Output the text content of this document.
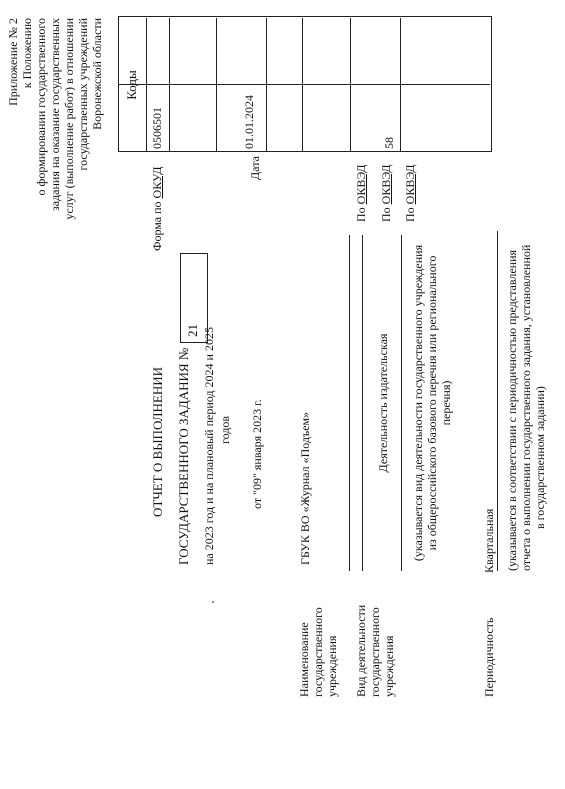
Приложение № 2 к Положению о формировании государственного задания на оказание государственных услуг (выполнение работ) в отношении государственных учреждений Воронежской области Коды
0506501
Форма по ОКУД
01.01.2024
Дата
По ОКВЭД
По ОКВЭД
58
По ОКВЭД
ОТЧЕТ О ВЫПОЛНЕНИИ ГОСУДАРСТВЕННОГО ЗАДАНИЯ №
21 на 2023 год и на плановый период 2024 и 2025 годов от "09" января 2023 г.
Наименование государственного учреждения
ГБУК ВО «Журнал «Подъем»
Вид деятельности государственного учреждения
Деятельность издательская (указывается вид деятельности государственного учреждения из общероссийского базового перечня или регионального перечня)
Периодичность
Квартальная (указывается в соответствии с периодичностью представления отчета о выполнении государственного задания, установленной в государственном задании)
